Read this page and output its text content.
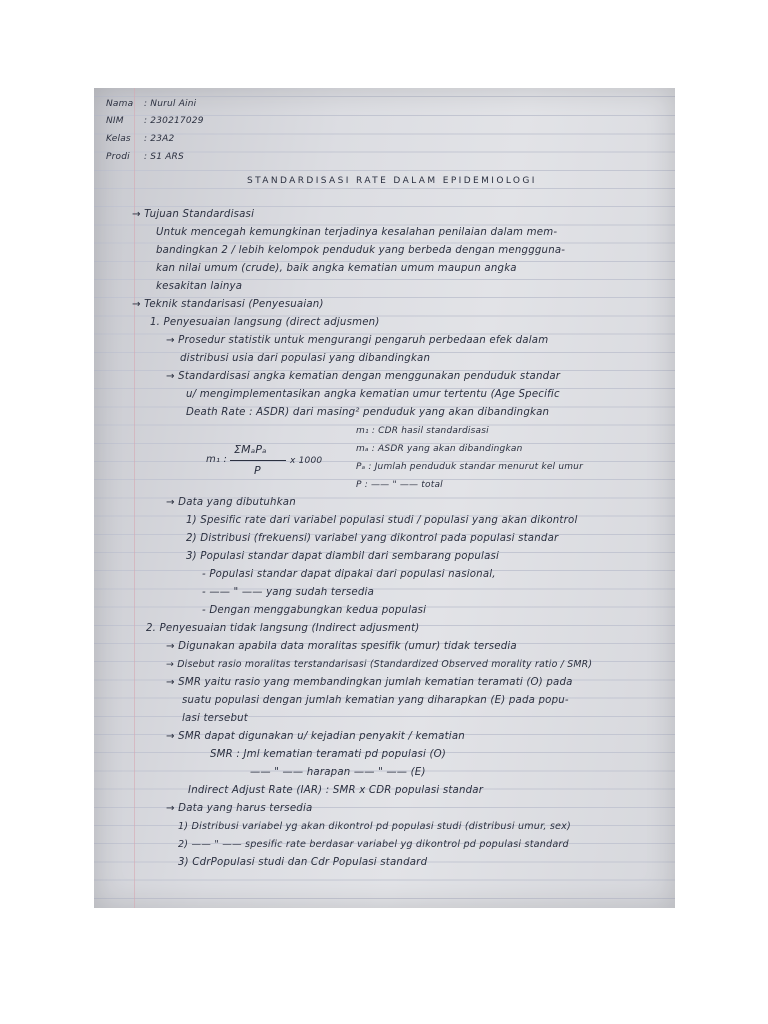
Nama : Nurul Aini
NIM : 230217029
Kelas : 23A2
Prodi : S1 ARS
STANDARDISASI RATE DALAM EPIDEMIOLOGI
→ Tujuan Standardisasi
Untuk mencegah kemungkinan terjadinya kesalahan penilaian dalam mem-
bandingkan 2 / lebih kelompok penduduk yang berbeda dengan menggguna-
kan nilai umum (crude), baik angka kematian umum maupun angka
kesakitan lainya
→ Teknik standarisasi (Penyesuaian)
1. Penyesuaian langsung (direct adjusmen)
→ Prosedur statistik untuk mengurangi pengaruh perbedaan efek dalam
distribusi usia dari populasi yang dibandingkan
→ Standardisasi angka kematian dengan menggunakan penduduk standar
u/ mengimplementasikan angka kematian umur tertentu (Age Specific
Death Rate : ASDR) dari masing² penduduk yang akan dibandingkan
m₁ :
ΣMₐPₐ
P
x 1000
m₁ : CDR hasil standardisasi
mₐ : ASDR yang akan dibandingkan
Pₐ : Jumlah penduduk standar menurut kel umur
P : —— " —— total
→ Data yang dibutuhkan
1) Spesific rate dari variabel populasi studi / populasi yang akan dikontrol
2) Distribusi (frekuensi) variabel yang dikontrol pada populasi standar
3) Populasi standar dapat diambil dari sembarang populasi
- Populasi standar dapat dipakai dari populasi nasional,
- —— " —— yang sudah tersedia
- Dengan menggabungkan kedua populasi
2. Penyesuaian tidak langsung (Indirect adjusment)
→ Digunakan apabila data moralitas spesifik (umur) tidak tersedia
→ Disebut rasio moralitas terstandarisasi (Standardized Observed morality ratio / SMR)
→ SMR yaitu rasio yang membandingkan jumlah kematian teramati (O) pada
suatu populasi dengan jumlah kematian yang diharapkan (E) pada popu-
lasi tersebut
→ SMR dapat digunakan u/ kejadian penyakit / kematian
SMR : Jml kematian teramati pd populasi (O)
—— " —— harapan —— " —— (E)
Indirect Adjust Rate (IAR) : SMR x CDR populasi standar
→ Data yang harus tersedia
1) Distribusi variabel yg akan dikontrol pd populasi studi (distribusi umur, sex)
2) —— " —— spesific rate berdasar variabel yg dikontrol pd populasi standard
3) CdrPopulasi studi dan Cdr Populasi standard
